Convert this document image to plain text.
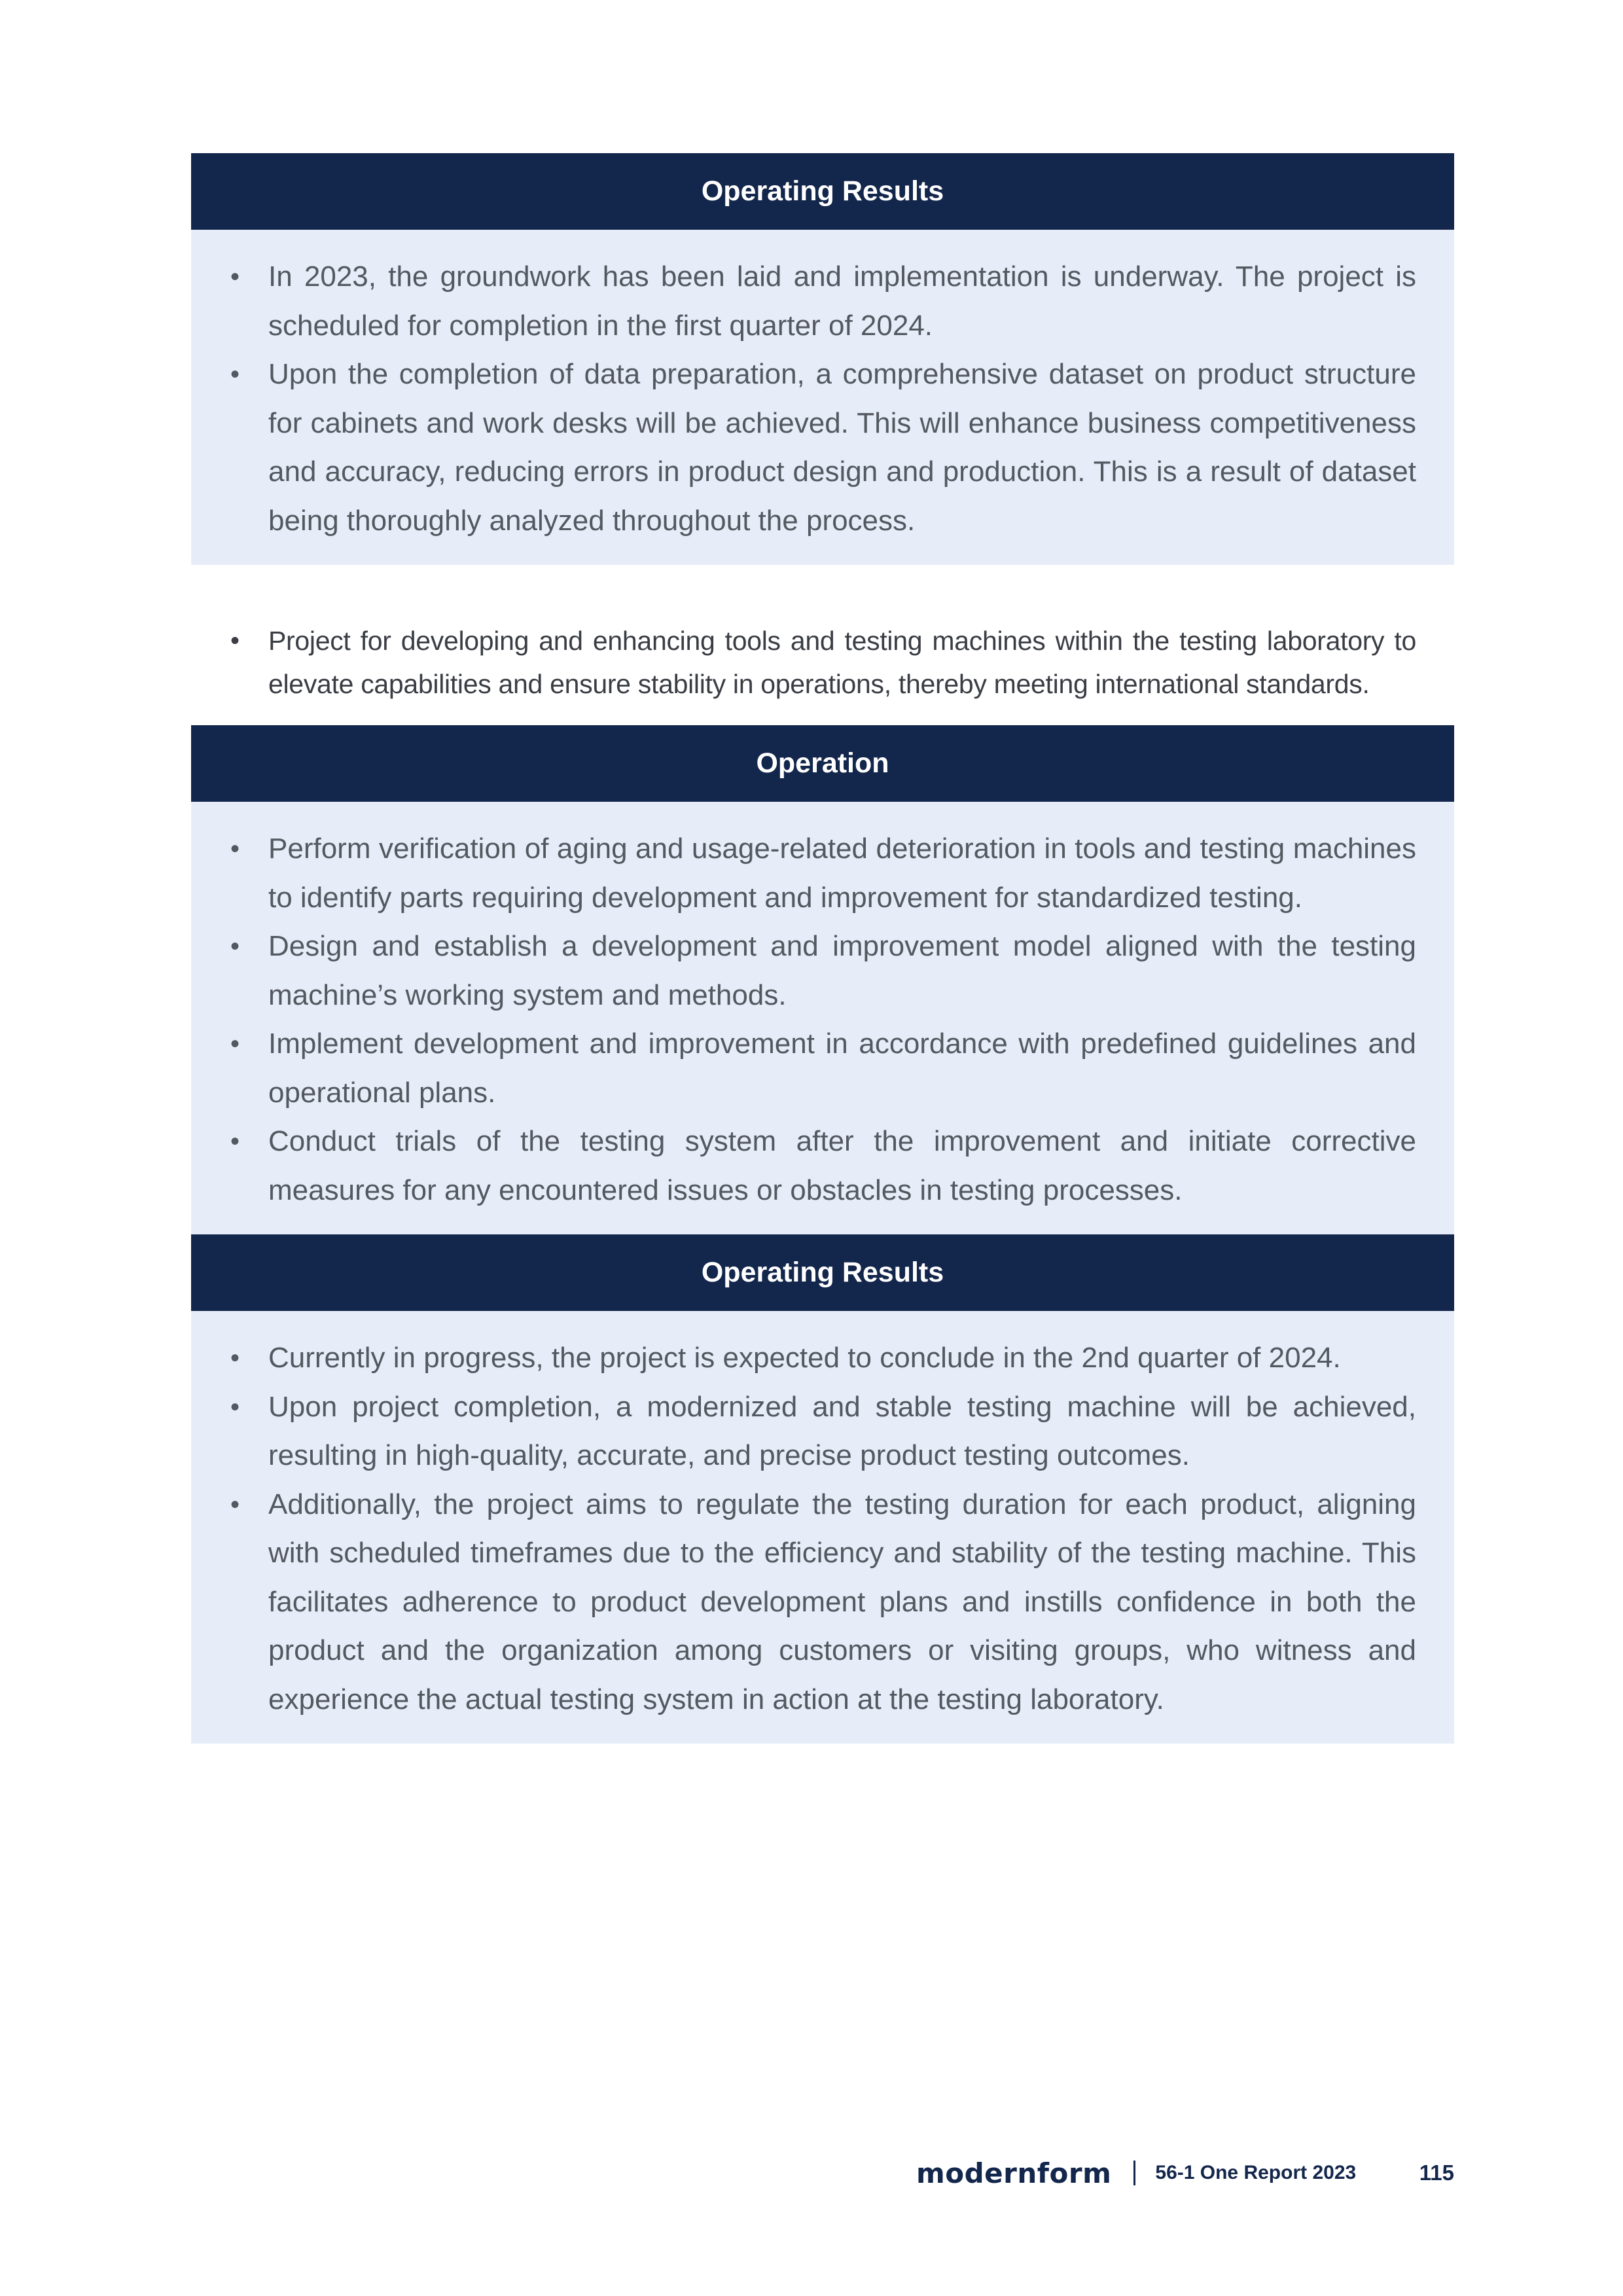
Operating Results
• In 2023, the groundwork has been laid and implementation is underway. The project is scheduled for completion in the first quarter of 2024.
• Upon the completion of data preparation, a comprehensive dataset on product structure for cabinets and work desks will be achieved. This will enhance business competitiveness and accuracy, reducing errors in product design and production. This is a result of dataset being thoroughly analyzed throughout the process.
•	Project for developing and enhancing tools and testing machines within the testing laboratory to elevate capabilities and ensure stability in operations, thereby meeting international standards.
Operation
• Perform verification of aging and usage-related deterioration in tools and testing machines to identify parts requiring development and improvement for standardized testing.
• Design and establish a development and improvement model aligned with the testing machine’s working system and methods.
• Implement development and improvement in accordance with predefined guidelines and operational plans.
• Conduct trials of the testing system after the improvement and initiate corrective measures for any encountered issues or obstacles in testing processes.
Operating Results
• Currently in progress, the project is expected to conclude in the 2nd quarter of 2024.
• Upon project completion, a modernized and stable testing machine will be achieved, resulting in high-quality, accurate, and precise product testing outcomes.
• Additionally, the project aims to regulate the testing duration for each product, aligning with scheduled timeframes due to the efficiency and stability of the testing machine. This facilitates adherence to product development plans and instills confidence in both the product and the organization among customers or visiting groups, who witness and experience the actual testing system in action at the testing laboratory.
modernform 56-1 One Report 2023	115
